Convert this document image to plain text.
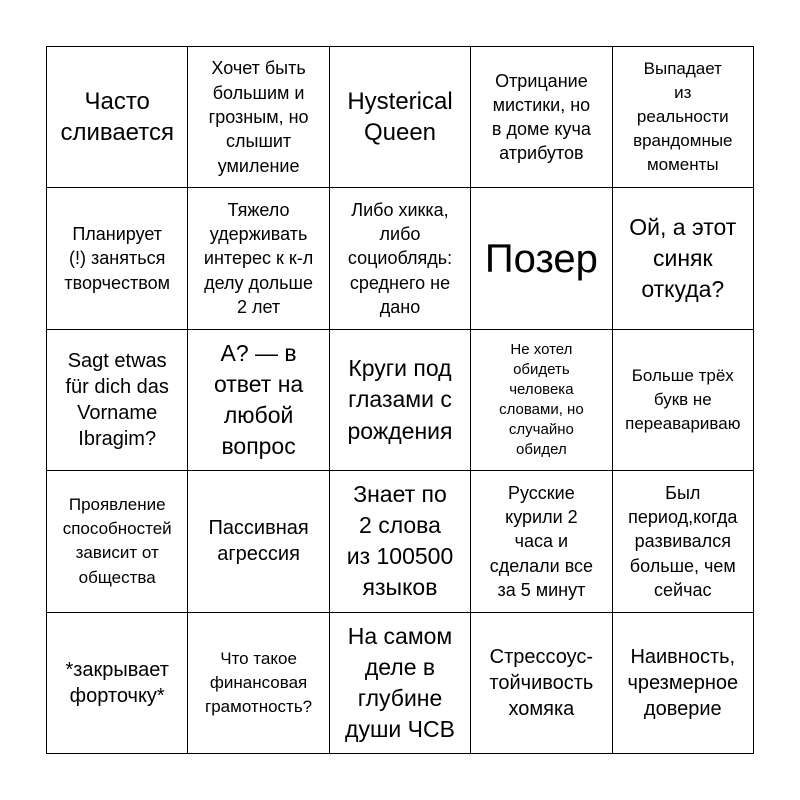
Часто
сливается
Хочет быть
большим и
грозным, но
слышит
умиление
Hysterical
Queen
Отрицание
мистики, но
в доме куча
атрибутов
Выпадает
из
реальности
врандомные
моменты
Планирует
(!) заняться
творчеством
Тяжело
удерживать
интерес к к-л
делу дольше
2 лет
Либо хикка,
либо
социобл​ядь:
среднего не
дано
Позер
Ой, а этот
синяк
откуда?
Sagt etwas
für dich das
Vorname
Ibragim?
А? — в
ответ на
любой
вопрос
Круги под
глазами с
рождения
Не хотел
обидеть
человека
словами, но
случайно
обидел
Больше трёх
букв не
переавариваю
Проявление
способностей
зависит от
общества
Пассивная
агрессия
Знает по
2 слова
из 100500
языков
Русские
курили 2
часа и
сделали все
за 5 минут
Был
период,когда
развивался
больше, чем
сейчас
*закрывает
форточку*
Что такое
финансовая
грамотность?
На самом
деле в
глубине
души ЧСВ
Стрессоус-
тойчивость
хомяка
Наивность,
чрезмерное
доверие
